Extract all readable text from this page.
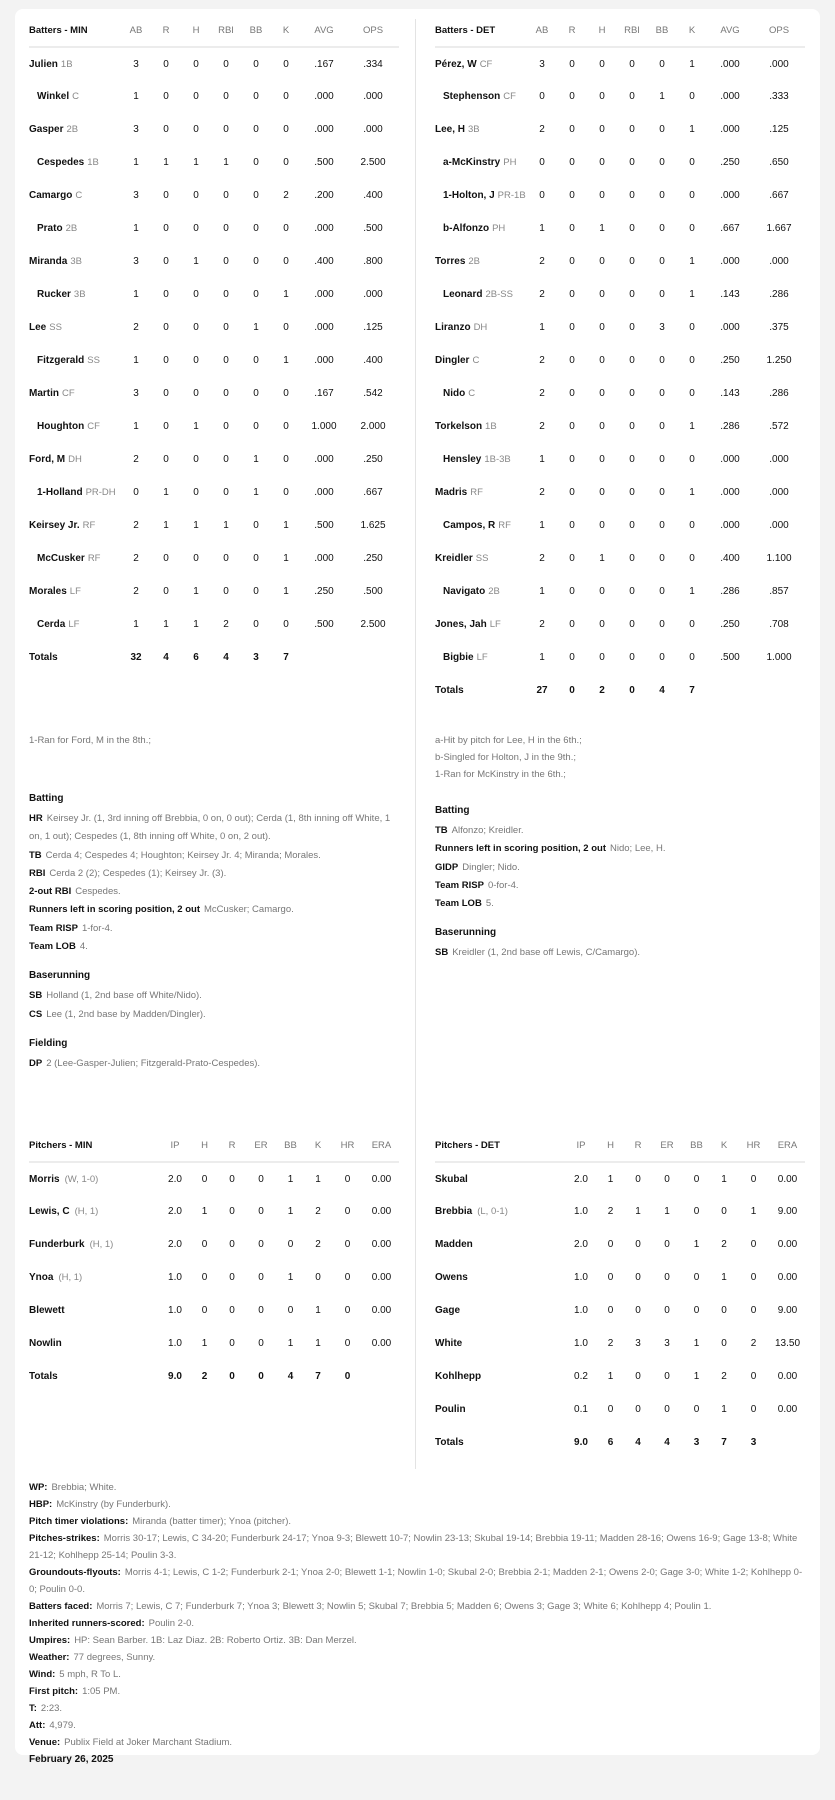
Batters - MIN	AB	R	H	RBI	BB	K	AVG	OPS
Julien 1B	3	0	0	0	0	0	.167	.334
Winkel C	1	0	0	0	0	0	.000	.000
Gasper 2B	3	0	0	0	0	0	.000	.000
Cespedes 1B	1	1	1	1	0	0	.500	2.500
Camargo C	3	0	0	0	0	2	.200	.400
Prato 2B	1	0	0	0	0	0	.000	.500
Miranda 3B	3	0	1	0	0	0	.400	.800
Rucker 3B	1	0	0	0	0	1	.000	.000
Lee SS	2	0	0	0	1	0	.000	.125
Fitzgerald SS	1	0	0	0	0	1	.000	.400
Martin CF	3	0	0	0	0	0	.167	.542
Houghton CF	1	0	1	0	0	0	1.000	2.000
Ford, M DH	2	0	0	0	1	0	.000	.250
1-Holland PR-DH	0	1	0	0	1	0	.000	.667
Keirsey Jr. RF	2	1	1	1	0	1	.500	1.625
McCusker RF	2	0	0	0	0	1	.000	.250
Morales LF	2	0	1	0	0	1	.250	.500
Cerda LF	1	1	1	2	0	0	.500	2.500
Totals	32	4	6	4	3	7		
1-Ran for Ford, M in the 8th.;
Batting
HR Keirsey Jr. (1, 3rd inning off Brebbia, 0 on, 0 out); Cerda (1, 8th inning off White, 1 on, 1 out); Cespedes (1, 8th inning off White, 0 on, 2 out).
TB Cerda 4; Cespedes 4; Houghton; Keirsey Jr. 4; Miranda; Morales.
RBI Cerda 2 (2); Cespedes (1); Keirsey Jr. (3).
2-out RBI Cespedes.
Runners left in scoring position, 2 out McCusker; Camargo.
Team RISP 1-for-4.
Team LOB 4.
Baserunning
SB Holland (1, 2nd base off White/Nido).
CS Lee (1, 2nd base by Madden/Dingler).
Fielding
DP 2 (Lee-Gasper-Julien; Fitzgerald-Prato-Cespedes).
Batters - DET	AB	R	H	RBI	BB	K	AVG	OPS
Pérez, W CF	3	0	0	0	0	1	.000	.000
Stephenson CF	0	0	0	0	1	0	.000	.333
Lee, H 3B	2	0	0	0	0	1	.000	.125
a-McKinstry PH	0	0	0	0	0	0	.250	.650
1-Holton, J PR-1B	0	0	0	0	0	0	.000	.667
b-Alfonzo PH	1	0	1	0	0	0	.667	1.667
Torres 2B	2	0	0	0	0	1	.000	.000
Leonard 2B-SS	2	0	0	0	0	1	.143	.286
Liranzo DH	1	0	0	0	3	0	.000	.375
Dingler C	2	0	0	0	0	0	.250	1.250
Nido C	2	0	0	0	0	0	.143	.286
Torkelson 1B	2	0	0	0	0	1	.286	.572
Hensley 1B-3B	1	0	0	0	0	0	.000	.000
Madris RF	2	0	0	0	0	1	.000	.000
Campos, R RF	1	0	0	0	0	0	.000	.000
Kreidler SS	2	0	1	0	0	0	.400	1.100
Navigato 2B	1	0	0	0	0	1	.286	.857
Jones, Jah LF	2	0	0	0	0	0	.250	.708
Bigbie LF	1	0	0	0	0	0	.500	1.000
Totals	27	0	2	0	4	7		
a-Hit by pitch for Lee, H in the 6th.;
b-Singled for Holton, J in the 9th.;
1-Ran for McKinstry in the 6th.;
Batting
TB Alfonzo; Kreidler.
Runners left in scoring position, 2 out Nido; Lee, H.
GIDP Dingler; Nido.
Team RISP 0-for-4.
Team LOB 5.
Baserunning
SB Kreidler (1, 2nd base off Lewis, C/Camargo).
Pitchers - MIN	IP	H	R	ER	BB	K	HR	ERA
Morris (W, 1-0)	2.0	0	0	0	1	1	0	0.00
Lewis, C (H, 1)	2.0	1	0	0	1	2	0	0.00
Funderburk (H, 1)	2.0	0	0	0	0	2	0	0.00
Ynoa (H, 1)	1.0	0	0	0	1	0	0	0.00
Blewett	1.0	0	0	0	0	1	0	0.00
Nowlin	1.0	1	0	0	1	1	0	0.00
Totals	9.0	2	0	0	4	7	0	
Pitchers - DET	IP	H	R	ER	BB	K	HR	ERA
Skubal	2.0	1	0	0	0	1	0	0.00
Brebbia (L, 0-1)	1.0	2	1	1	0	0	1	9.00
Madden	2.0	0	0	0	1	2	0	0.00
Owens	1.0	0	0	0	0	1	0	0.00
Gage	1.0	0	0	0	0	0	0	9.00
White	1.0	2	3	3	1	0	2	13.50
Kohlhepp	0.2	1	0	0	1	2	0	0.00
Poulin	0.1	0	0	0	0	1	0	0.00
Totals	9.0	6	4	4	3	7	3	
WP: Brebbia; White.
HBP: McKinstry (by Funderburk).
Pitch timer violations: Miranda (batter timer); Ynoa (pitcher).
Pitches-strikes: Morris 30-17; Lewis, C 34-20; Funderburk 24-17; Ynoa 9-3; Blewett 10-7; Nowlin 23-13; Skubal 19-14; Brebbia 19-11; Madden 28-16; Owens 16-9; Gage 13-8; White 21-12; Kohlhepp 25-14; Poulin 3-3.
Groundouts-flyouts: Morris 4-1; Lewis, C 1-2; Funderburk 2-1; Ynoa 2-0; Blewett 1-1; Nowlin 1-0; Skubal 2-0; Brebbia 2-1; Madden 2-1; Owens 2-0; Gage 3-0; White 1-2; Kohlhepp 0-0; Poulin 0-0.
Batters faced: Morris 7; Lewis, C 7; Funderburk 7; Ynoa 3; Blewett 3; Nowlin 5; Skubal 7; Brebbia 5; Madden 6; Owens 3; Gage 3; White 6; Kohlhepp 4; Poulin 1.
Inherited runners-scored: Poulin 2-0.
Umpires: HP: Sean Barber. 1B: Laz Diaz. 2B: Roberto Ortiz. 3B: Dan Merzel.
Weather: 77 degrees, Sunny.
Wind: 5 mph, R To L.
First pitch: 1:05 PM.
T: 2:23.
Att: 4,979.
Venue: Publix Field at Joker Marchant Stadium.
February 26, 2025
